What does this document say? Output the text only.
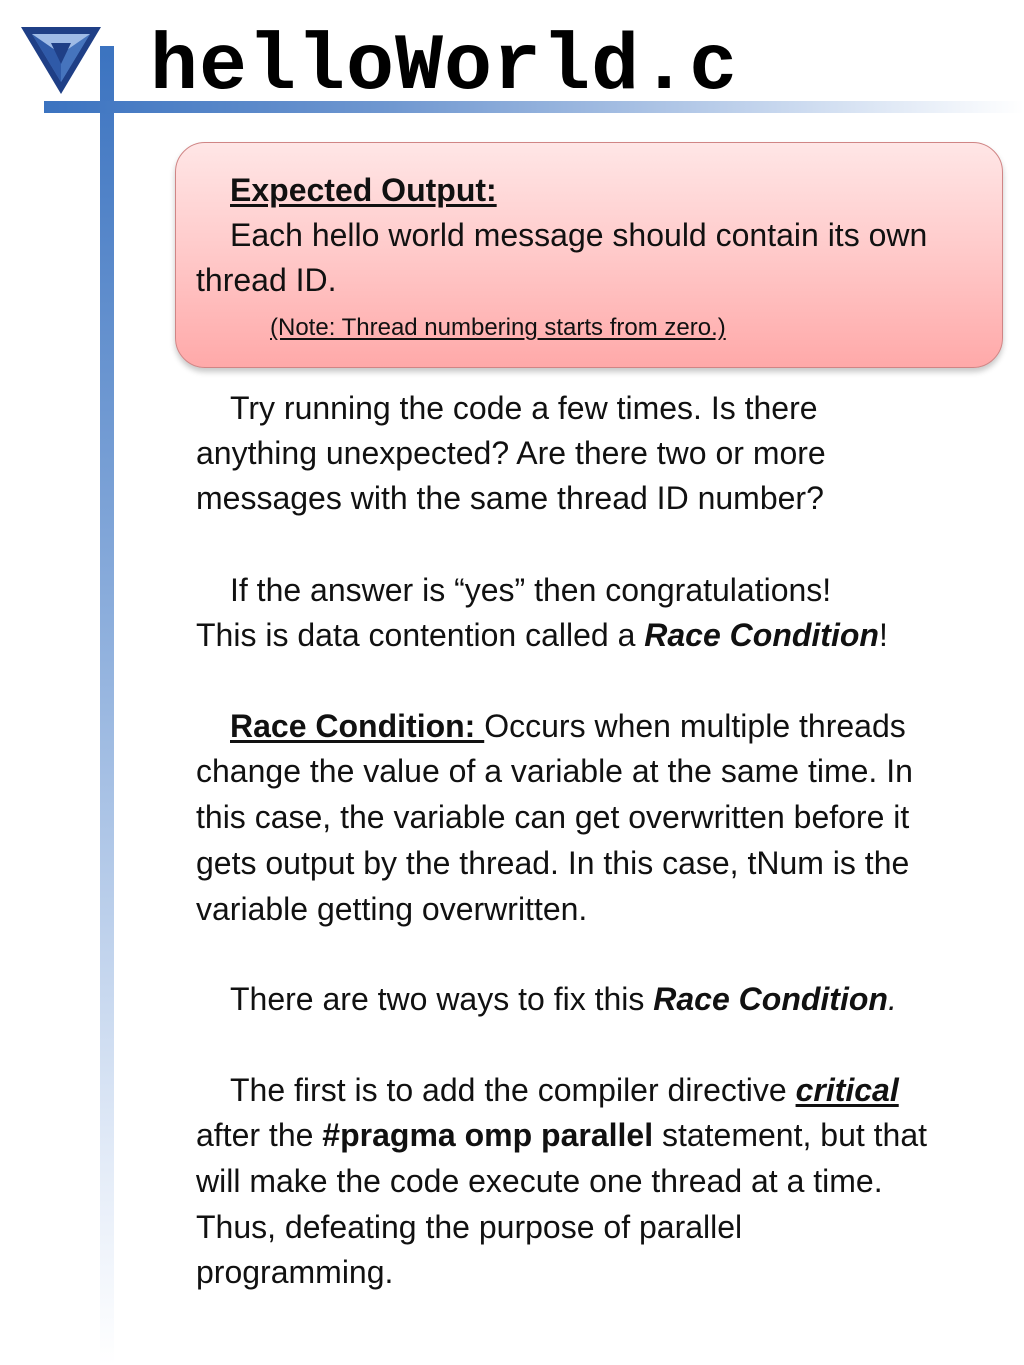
helloWorld.c

Expected Output:

Each hello world message should contain its own

thread ID.

(Note: Thread numbering starts from zero.)

Try running the code a few times. Is there

anything unexpected? Are there two or more

messages with the same thread ID number?

If the answer is “yes” then congratulations!

This is data contention called a Race Condition!

Race Condition: Occurs when multiple threads

change the value of a variable at the same time. In

this case, the variable can get overwritten before it

gets output by the thread. In this case, tNum is the

variable getting overwritten.

There are two ways to fix this Race Condition.

The first is to add the compiler directive critical

after the #pragma omp parallel statement, but that

will make the code execute one thread at a time.

Thus, defeating the purpose of parallel

programming.
